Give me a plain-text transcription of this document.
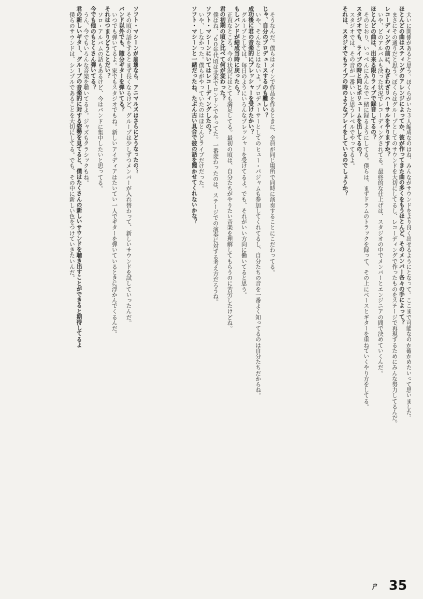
大いに関係があると思う。ぼくらがいた３人編成なのはね、みんながサウンドをより良く出せるようにとなって。ここまで可能なのか確かめたいって思いました。

ほとんどの曲はスティングのアレンジによってか、彼が作ってきた曲の多くをもうほとんど、そのメンバー各々の手によって？

まさにその通りだと思う。ぼくらはグループとしてのサウンドを大切にしてるし、レコーディングで作ったものをステージで再現するためにみんな努力してるんだ。

レコーディングの前に、わざわざリハーサルをやりますか？

いや、どのアルバムも決った状況でレコーディングされてる。最終的な仕上げは、スタジオの中でメンバーとエンジニアの間で決めていくんだ。

ほとんどの曲は、出来る限りライブで録音してるの？

そのとおり、いっぺんにみんなで一緒に録るようにしてる。僕らは、まずドラムのトラックを録って、その上にベースとギターを重ねていくやり方をしてる。

スタジオでも、ライブの時と同じボリュームを出してるの？

スタジオでは、その音が一番いいと思うレベルでやってるよ。

それは、スタジオでもライブの時のようなプレイをしているのでしょうか？

そうなんだ。僕らはメインで作品を作るときに、全員が同じ場所で同時に演奏することにこだわってる。

じゃ、自分のプロデュースするのも難しい？

いや、そんなことはないよ。プロデューサーとしてのヒュー・パジャムも参加してくれてるし、自分たちの音を一番よく知ってるのは自分たちだからね。

成功後に君の音楽的にプレッシャーを受けたかい？

グループとしては、毎日のようにいろんなプレッシャーを受けてるよ。でも、それがいい方向に働いてると思う。

もしバンドが結成当時に戻ったら？

正直なところ、今の状況にはとても満足してる。最初の頃は、自分たちがやりたい音楽を理解してもらうのに苦労したけどね。

君の初期の頃と比べて何が変わった？

僕はね、'６０年代頃は北米でロンドンでやってた。一番変わったのは、ステージでの演奏に対する考え方だろうね。

ソフト・マシーンにいてはレコーディングしたの？

いや、しなかった。僕らがやっていたのはほとんどライブだけだった。

ソフト・マシーンと一緒だったね、たぶん古い具合で彼の話を聞かせてくれないかな？

ソフト・マシーンが崩壊なら、アニマルズはさらにどうなったの？

その頃の話をするとまず長くなるけど、グループは少しずつメンバーが入れ替わって、新しいサウンドを試していったんだ。

バンド以外でも、随分ギターを弾いてる？

いつでも弾いてるよ。家でもスタジオでもね。新しいアイディアはたいてい一人でギターを弾いているときに浮かんでくるんだ。

それはつまりどうことだい？

ソロ・アルバムの話もあるけど、今はバンドに集中したいと思ってる。

今でも他のもとくさん弾いてる？

うん、今でもいろんな音楽を聴いてるよ。ジャズもクラシックもね。

君の新しいギター、グループの音楽的に対する姿勢を見てると、僕はたくさんの新しいサウンドを聴き出すことができると期待してるよ

僕らのサウンドは、シンプルであることを大切にしてる。でも、その中に新しい色をつけていきたいんだ。

ㄕ 35
